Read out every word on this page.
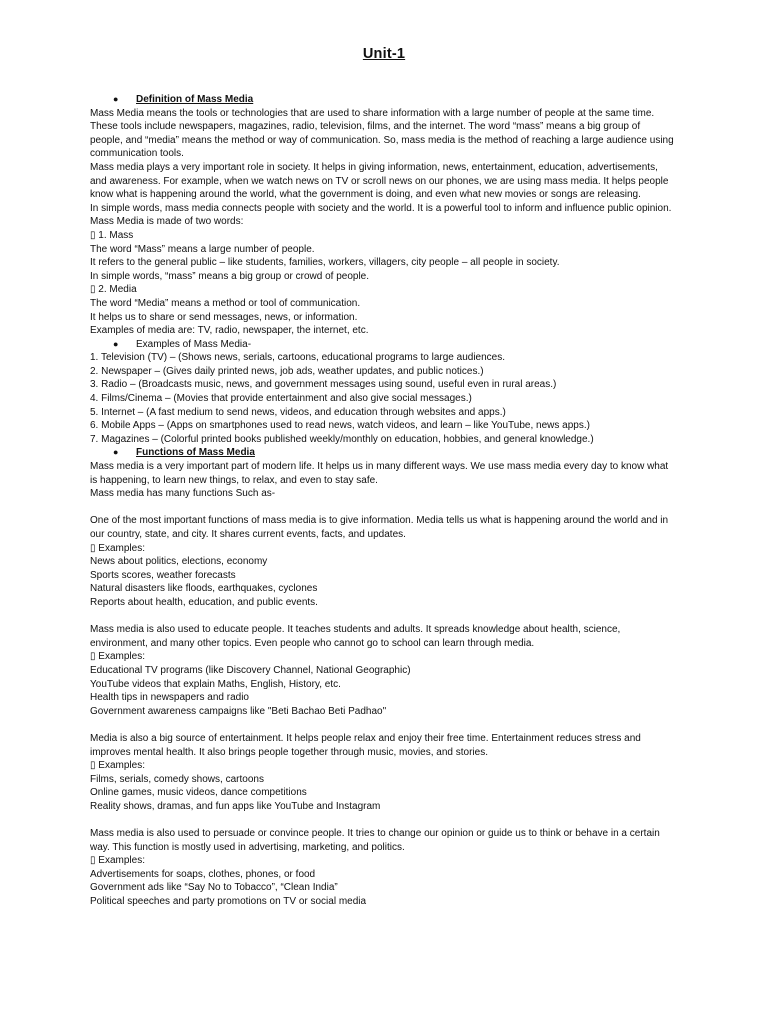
Unit-1
●	Definition of Mass Media
Mass Media means the tools or technologies that are used to share information with a large number of people at the same time.
These tools include newspapers, magazines, radio, television, films, and the internet. The word “mass” means a big group of
people, and “media” means the method or way of communication. So, mass media is the method of reaching a large audience using
communication tools.
Mass media plays a very important role in society. It helps in giving information, news, entertainment, education, advertisements,
and awareness. For example, when we watch news on TV or scroll news on our phones, we are using mass media. It helps people
know what is happening around the world, what the government is doing, and even what new movies or songs are releasing.
In simple words, mass media connects people with society and the world. It is a powerful tool to inform and influence public opinion.
Mass Media is made of two words:
▯ 1. Mass
The word “Mass” means a large number of people.
It refers to the general public – like students, families, workers, villagers, city people – all people in society.
In simple words, “mass” means a big group or crowd of people.
▯ 2. Media
The word “Media” means a method or tool of communication.
It helps us to share or send messages, news, or information.
Examples of media are: TV, radio, newspaper, the internet, etc.
●	Examples of Mass Media-
1. Television (TV) – (Shows news, serials, cartoons, educational programs to large audiences.
2. Newspaper – (Gives daily printed news, job ads, weather updates, and public notices.)
3. Radio – (Broadcasts music, news, and government messages using sound, useful even in rural areas.)
4. Films/Cinema – (Movies that provide entertainment and also give social messages.)
5. Internet – (A fast medium to send news, videos, and education through websites and apps.)
6. Mobile Apps – (Apps on smartphones used to read news, watch videos, and learn – like YouTube, news apps.)
7. Magazines – (Colorful printed books published weekly/monthly on education, hobbies, and general knowledge.)
●	Functions of Mass Media
Mass media is a very important part of modern life. It helps us in many different ways. We use mass media every day to know what
is happening, to learn new things, to relax, and even to stay safe.
Mass media has many functions Such as-
One of the most important functions of mass media is to give information. Media tells us what is happening around the world and in
our country, state, and city. It shares current events, facts, and updates.
▯ Examples:
News about politics, elections, economy
Sports scores, weather forecasts
Natural disasters like floods, earthquakes, cyclones
Reports about health, education, and public events.
Mass media is also used to educate people. It teaches students and adults. It spreads knowledge about health, science,
environment, and many other topics. Even people who cannot go to school can learn through media.
▯ Examples:
Educational TV programs (like Discovery Channel, National Geographic)
YouTube videos that explain Maths, English, History, etc.
Health tips in newspapers and radio
Government awareness campaigns like "Beti Bachao Beti Padhao"
Media is also a big source of entertainment. It helps people relax and enjoy their free time. Entertainment reduces stress and
improves mental health. It also brings people together through music, movies, and stories.
▯ Examples:
Films, serials, comedy shows, cartoons
Online games, music videos, dance competitions
Reality shows, dramas, and fun apps like YouTube and Instagram
Mass media is also used to persuade or convince people. It tries to change our opinion or guide us to think or behave in a certain
way. This function is mostly used in advertising, marketing, and politics.
▯ Examples:
Advertisements for soaps, clothes, phones, or food
Government ads like “Say No to Tobacco”, “Clean India”
Political speeches and party promotions on TV or social media
